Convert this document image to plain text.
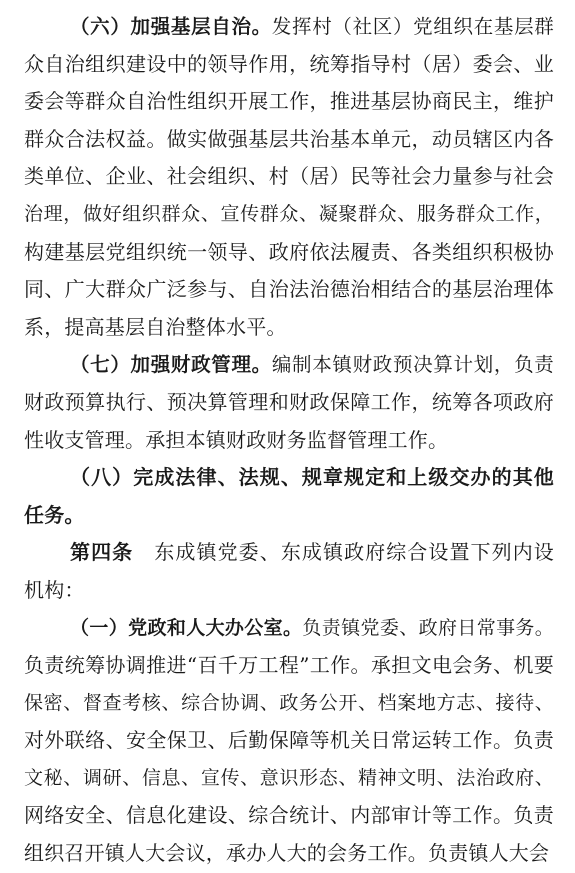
（六）加强基层自治。发挥村（社区）党组织在基层群
众自治组织建设中的领导作用，统筹指导村（居）委会、业
委会等群众自治性组织开展工作，推进基层协商民主，维护
群众合法权益。做实做强基层共治基本单元，动员辖区内各
类单位、企业、社会组织、村（居）民等社会力量参与社会
治理，做好组织群众、宣传群众、凝聚群众、服务群众工作，
构建基层党组织统一领导、政府依法履责、各类组织积极协
同、广大群众广泛参与、自治法治德治相结合的基层治理体
系，提高基层自治整体水平。
（七）加强财政管理。编制本镇财政预决算计划，负责
财政预算执行、预决算管理和财政保障工作，统筹各项政府
性收支管理。承担本镇财政财务监督管理工作。
（八）完成法律、法规、规章规定和上级交办的其他
任务。
第四条　东成镇党委、东成镇政府综合设置下列内设
机构：
（一）党政和人大办公室。负责镇党委、政府日常事务。
负责统筹协调推进“百千万工程”工作。承担文电会务、机要
保密、督查考核、综合协调、政务公开、档案地方志、接待、
对外联络、安全保卫、后勤保障等机关日常运转工作。负责
文秘、调研、信息、宣传、意识形态、精神文明、法治政府、
网络安全、信息化建设、综合统计、内部审计等工作。负责
组织召开镇人大会议，承办人大的会务工作。负责镇人大会
